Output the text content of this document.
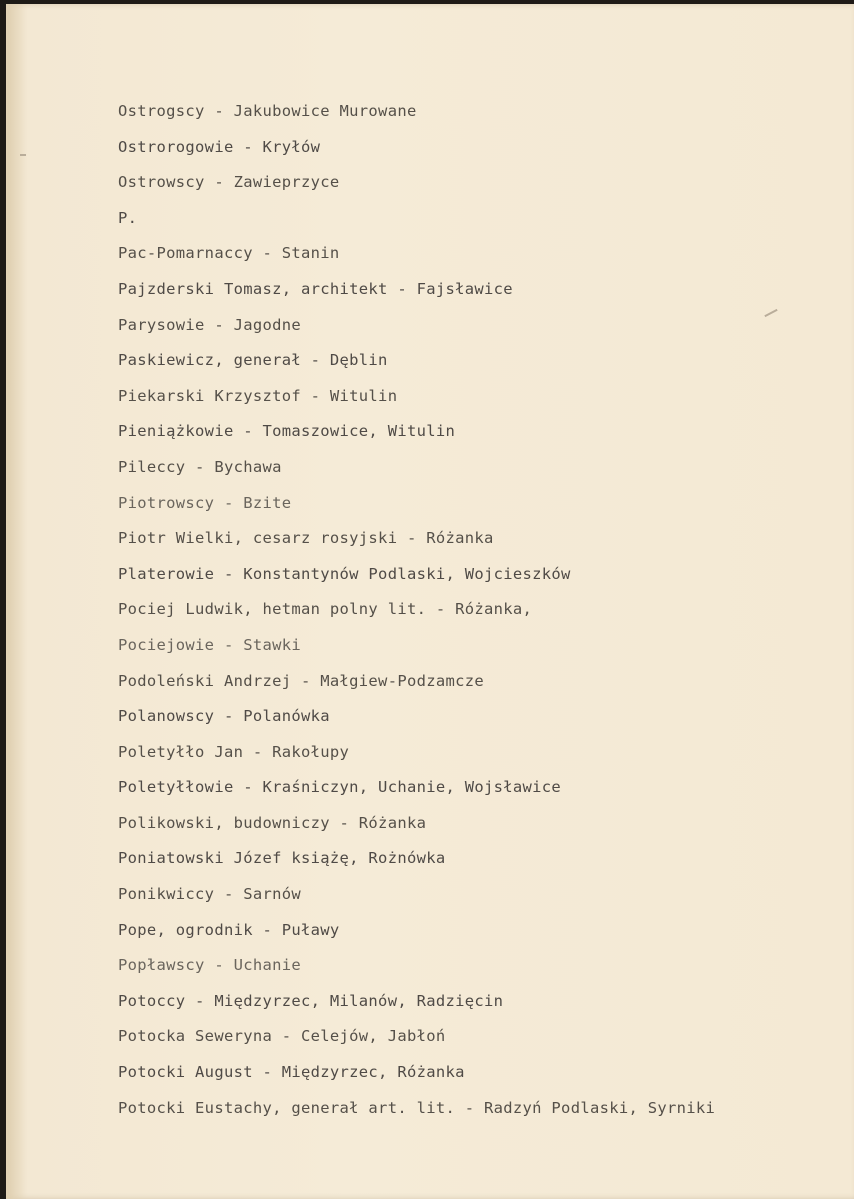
Ostrogscy - Jakubowice Murowane
Ostrorogowie - Kryłów
Ostrowscy - Zawieprzyce
P.
Pac-Pomarnaccy - Stanin
Pajzderski Tomasz, architekt - Fajsławice
Parysowie - Jagodne
Paskiewicz, generał - Dęblin
Piekarski Krzysztof - Witulin
Pieniążkowie - Tomaszowice, Witulin
Pileccy - Bychawa
Piotrowscy - Bzite
Piotr Wielki, cesarz rosyjski - Różanka
Platerowie - Konstantynów Podlaski, Wojcieszków
Pociej Ludwik, hetman polny lit. - Różanka,
Pociejowie - Stawki
Podoleński Andrzej - Małgiew-Podzamcze
Polanowscy - Polanówka
Poletyłło Jan - Rakołupy
Poletyłłowie - Kraśniczyn, Uchanie, Wojsławice
Polikowski, budowniczy - Różanka
Poniatowski Józef książę, Rożnówka
Ponikwiccy - Sarnów
Pope, ogrodnik - Puławy
Popławscy - Uchanie
Potoccy - Międzyrzec, Milanów, Radzięcin
Potocka Seweryna - Celejów, Jabłoń
Potocki August - Międzyrzec, Różanka
Potocki Eustachy, generał art. lit. - Radzyń Podlaski, Syrniki
